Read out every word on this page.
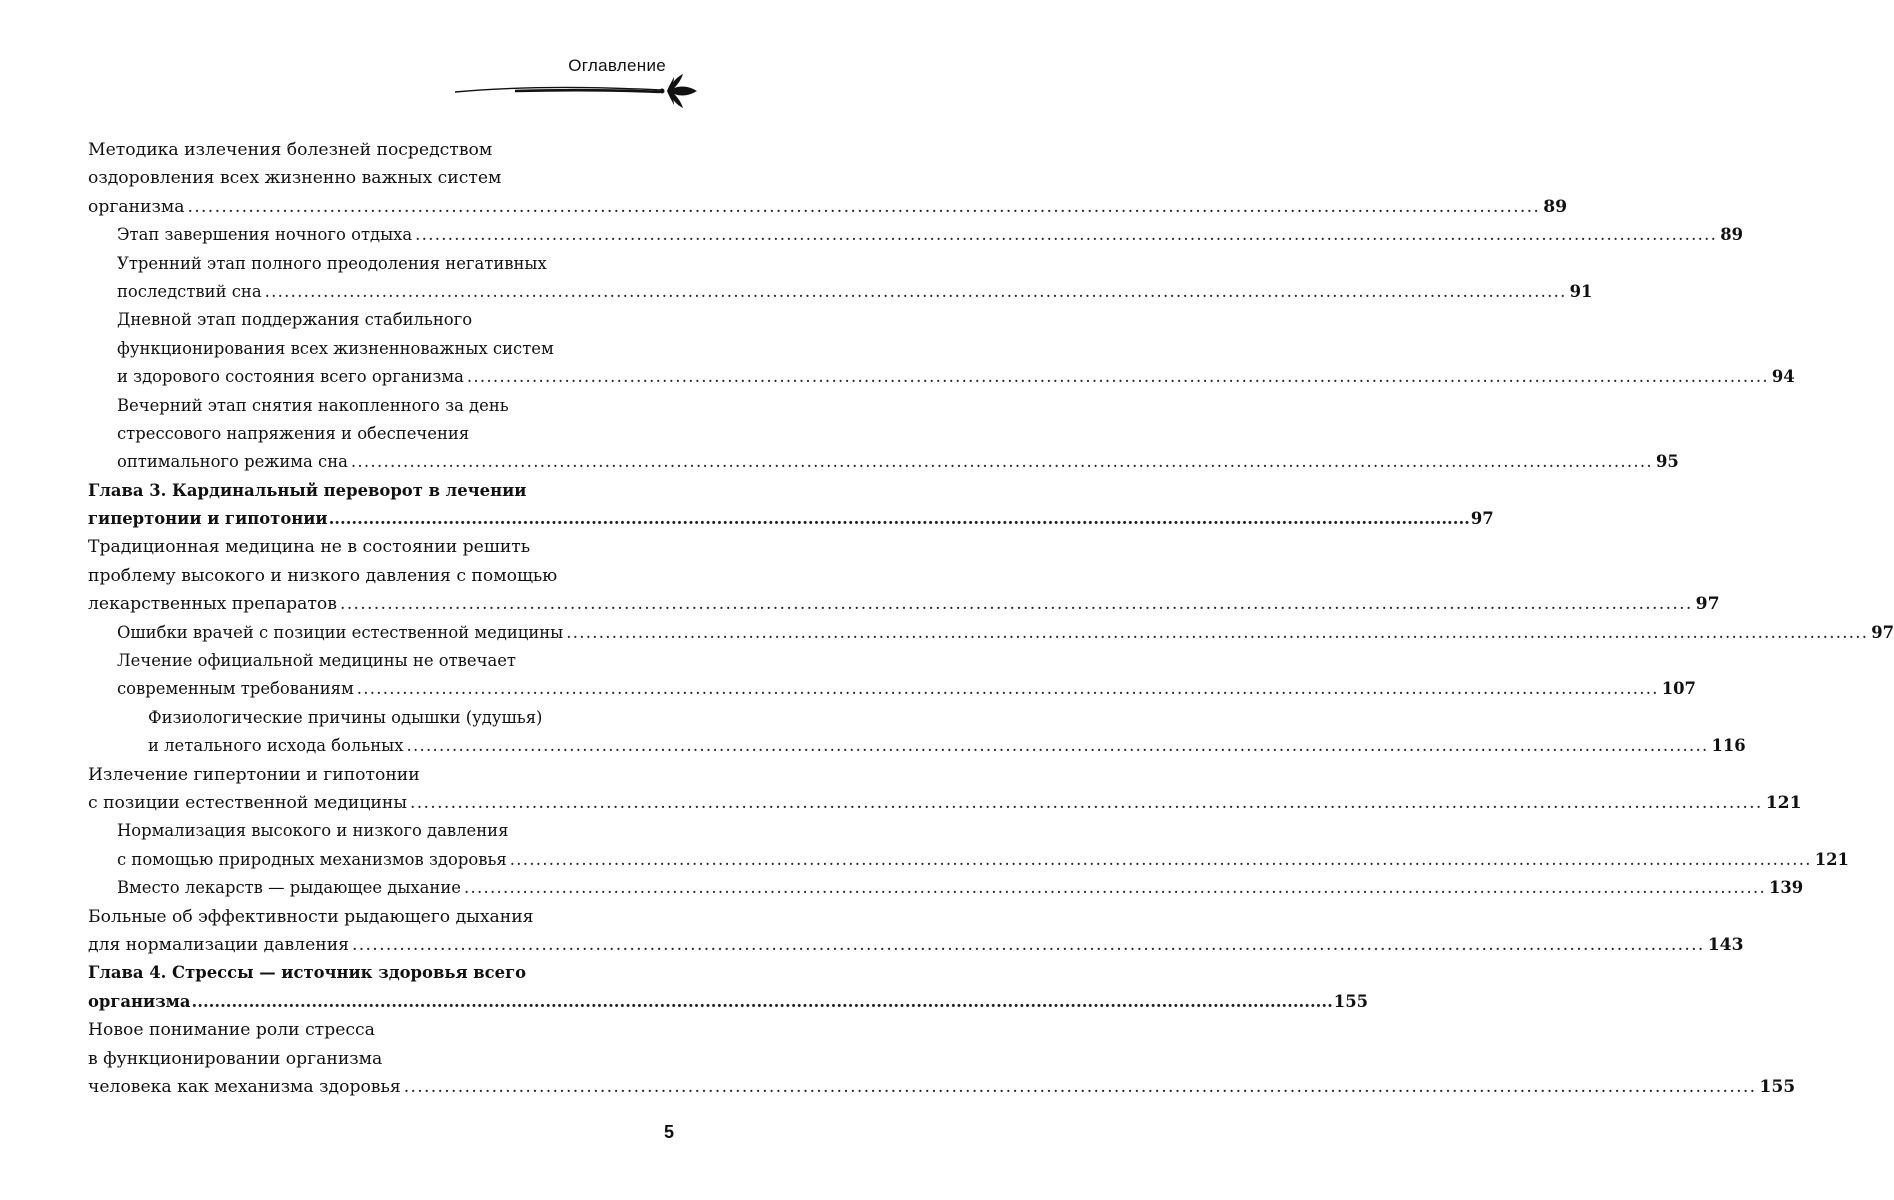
Оглавление
Методика излечения болезней посредством
оздоровления всех жизненно важных систем
организма ........................................................................................................................................................................................................ 89
Этап завершения ночного отдыха ........................................................................................................................................................................................................ 89
Утренний этап полного преодоления негативных
последствий сна ........................................................................................................................................................................................................ 91
Дневной этап поддержания стабильного
функционирования всех жизненноважных систем
и здорового состояния всего организма ........................................................................................................................................................................................................ 94
Вечерний этап снятия накопленного за день
стрессового напряжения и обеспечения
оптимального режима сна ........................................................................................................................................................................................................ 95
Глава 3. Кардинальный переворот в лечении
гипертонии и гипотонии ........................................................................................................................................................................................................ 97
Традиционная медицина не в состоянии решить
проблему высокого и низкого давления с помощью
лекарственных препаратов ........................................................................................................................................................................................................ 97
Ошибки врачей с позиции естественной медицины ........................................................................................................................................................................................................ 97
Лечение официальной медицины не отвечает
современным требованиям ........................................................................................................................................................................................................ 107
Физиологические причины одышки (удушья)
и летального исхода больных ........................................................................................................................................................................................................ 116
Излечение гипертонии и гипотонии
с позиции естественной медицины ........................................................................................................................................................................................................ 121
Нормализация высокого и низкого давления
с помощью природных механизмов здоровья ........................................................................................................................................................................................................ 121
Вместо лекарств — рыдающее дыхание ........................................................................................................................................................................................................ 139
Больные об эффективности рыдающего дыхания
для нормализации давления ........................................................................................................................................................................................................ 143
Глава 4. Стрессы — источник здоровья всего
организма ........................................................................................................................................................................................................ 155
Новое понимание роли стресса
в функционировании организма
человека как механизма здоровья ........................................................................................................................................................................................................ 155
5
